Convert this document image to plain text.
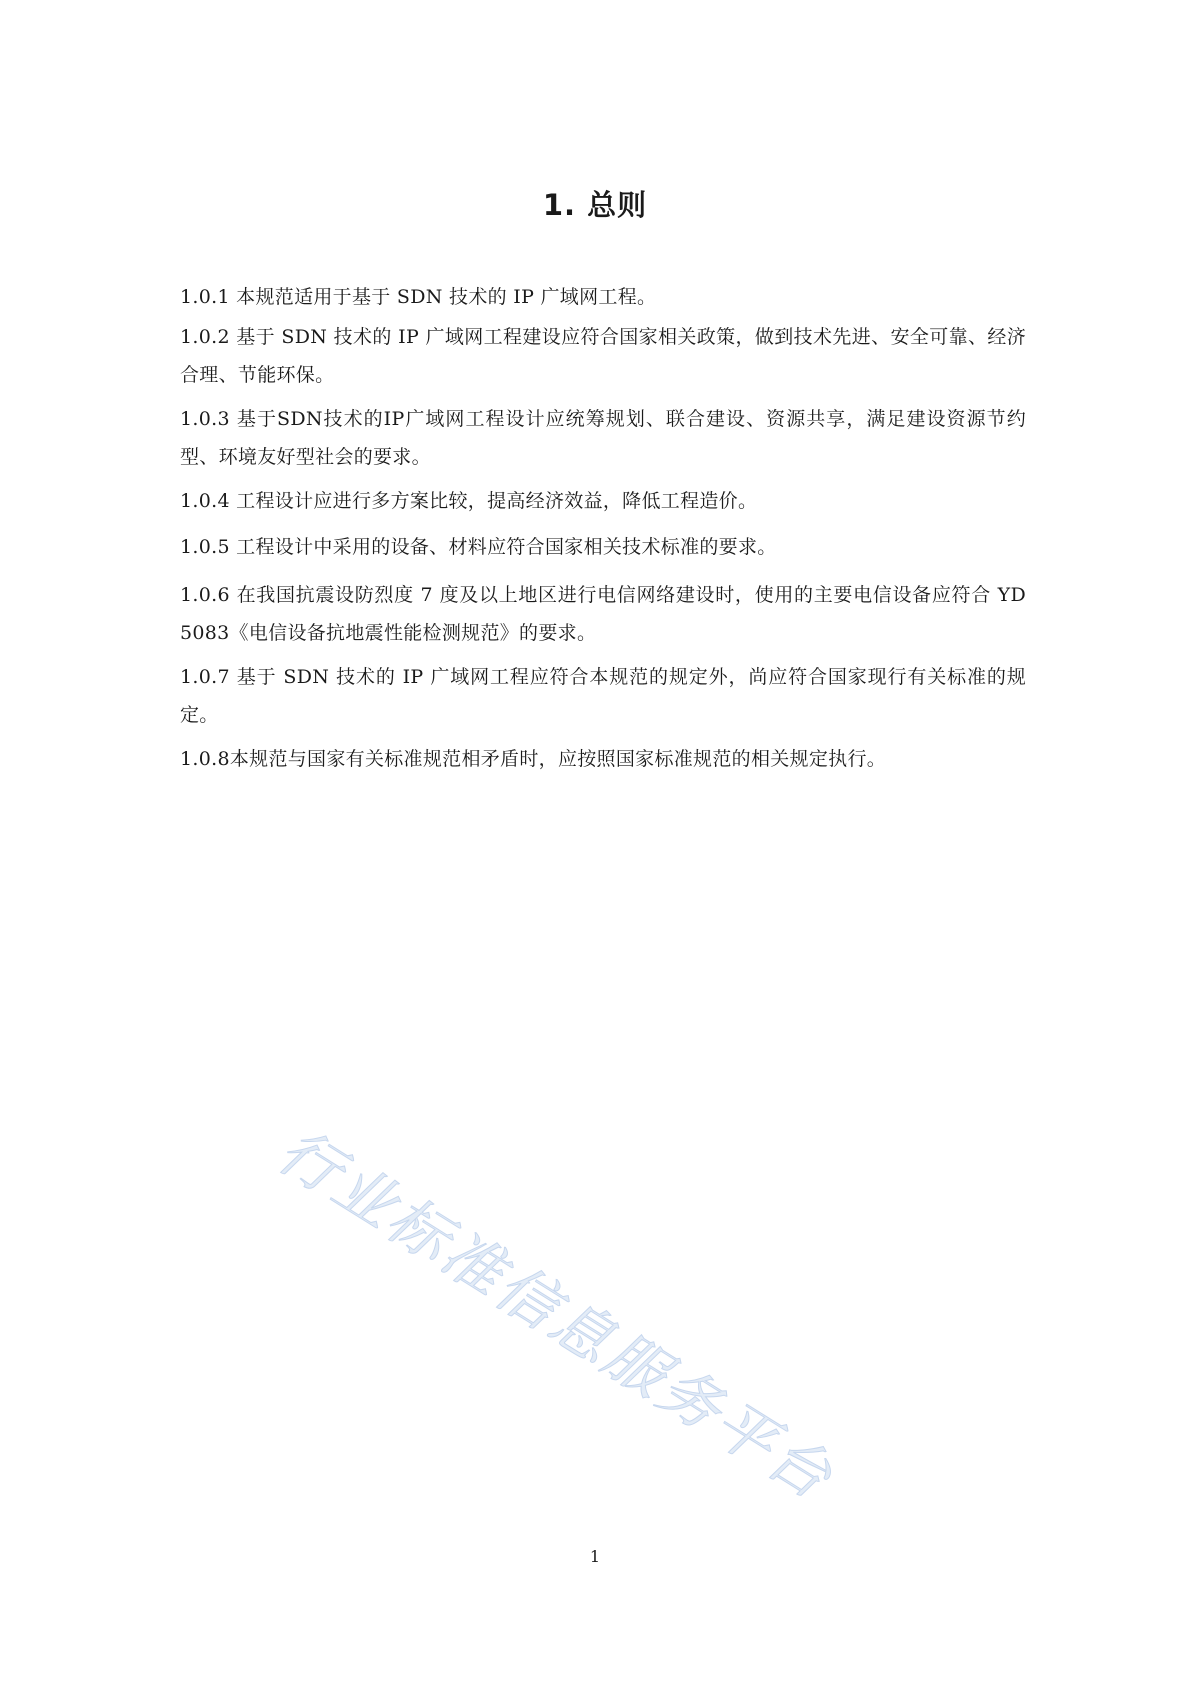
1. 总则

1.0.1 本规范适用于基于 SDN 技术的 IP 广域网工程。

1.0.2 基于 SDN 技术的 IP 广域网工程建设应符合国家相关政策，做到技术先进、安全可靠、经济合理、节能环保。

1.0.3 基于SDN技术的IP广域网工程设计应统筹规划、联合建设、资源共享，满足建设资源节约型、环境友好型社会的要求。

1.0.4 工程设计应进行多方案比较，提高经济效益，降低工程造价。

1.0.5 工程设计中采用的设备、材料应符合国家相关技术标准的要求。

1.0.6 在我国抗震设防烈度 7 度及以上地区进行电信网络建设时，使用的主要电信设备应符合 YD 5083《电信设备抗地震性能检测规范》的要求。

1.0.7 基于 SDN 技术的 IP 广域网工程应符合本规范的规定外，尚应符合国家现行有关标准的规定。

1.0.8本规范与国家有关标准规范相矛盾时，应按照国家标准规范的相关规定执行。

行业标准信息服务平台
1
